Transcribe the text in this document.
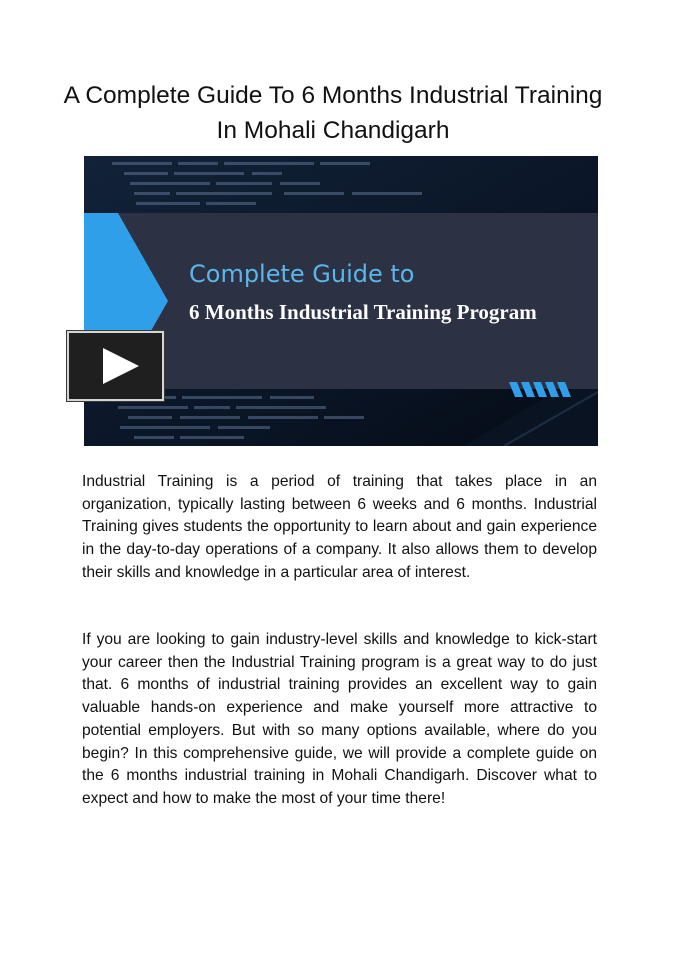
A Complete Guide To 6 Months Industrial Training In Mohali Chandigarh
Complete Guide to
6 Months Industrial Training Program

Industrial Training is a period of training that takes place in an organization, typically lasting between 6 weeks and 6 months. Industrial Training gives students the opportunity to learn about and gain experience in the day-to-day operations of a company. It also allows them to develop their skills and knowledge in a particular area of interest.

If you are looking to gain industry-level skills and knowledge to kick-start your career then the Industrial Training program is a great way to do just that. 6 months of industrial training provides an excellent way to gain valuable hands-on experience and make yourself more attractive to potential employers. But with so many options available, where do you begin? In this comprehensive guide, we will provide a complete guide on the 6 months industrial training in Mohali Chandigarh. Discover what to expect and how to make the most of your time there!
